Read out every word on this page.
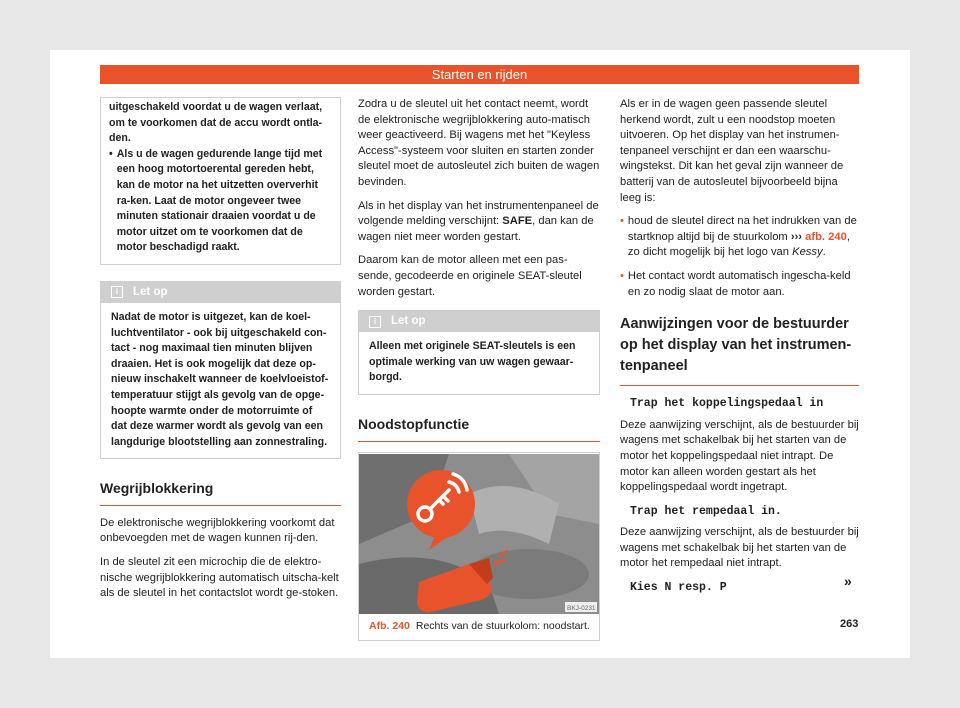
Starten en rijden

uitgeschakeld voordat u de wagen verlaat, om te voorkomen dat de accu wordt ontla-den.

• Als u de wagen gedurende lange tijd met een hoog motortoerental gereden hebt, kan de motor na het uitzetten oververhit ra-ken. Laat de motor ongeveer twee minuten stationair draaien voordat u de motor uitzet om te voorkomen dat de motor beschadigd raakt.
i	Let op
Nadat de motor is uitgezet, kan de koel-luchtventilator - ook bij uitgeschakeld con-tact - nog maximaal tien minuten blijven draaien. Het is ook mogelijk dat deze op-nieuw inschakelt wanneer de koelvloeistof-temperatuur stijgt als gevolg van de opge-hoopte warmte onder de motorruimte of dat deze warmer wordt als gevolg van een langdurige blootstelling aan zonnestraling.
Wegrijblokkering

De elektronische wegrijblokkering voorkomt dat onbevoegden met de wagen kunnen rij-den.

In de sleutel zit een microchip die de elektro-nische wegrijblokkering automatisch uitscha-kelt als de sleutel in het contactslot wordt ge-stoken.

Zodra u de sleutel uit het contact neemt, wordt de elektronische wegrijblokkering auto-matisch weer geactiveerd. Bij wagens met het "Keyless Access"-systeem voor sluiten en starten zonder sleutel moet de autosleutel zich buiten de wagen bevinden.

Als in het display van het instrumentenpaneel de volgende melding verschijnt: SAFE, dan kan de wagen niet meer worden gestart.

Daarom kan de motor alleen met een pas-sende, gecodeerde en originele SEAT-sleutel worden gestart.

i	Let op
Alleen met originele SEAT-sleutels is een optimale werking van uw wagen gewaar-borgd.
Noodstopfunctie
BKJ-0231
Afb. 240 Rechts van de stuurkolom: noodstart.

Als er in de wagen geen passende sleutel herkend wordt, zult u een noodstop moeten uitvoeren. Op het display van het instrumen-tenpaneel verschijnt er dan een waarschu-wingstekst. Dit kan het geval zijn wanneer de batterij van de autosleutel bijvoorbeeld bijna leeg is:

• houd de sleutel direct na het indrukken van de startknop altijd bij de stuurkolom ››› afb. 240, zo dicht mogelijk bij het logo van Kessy.
• Het contact wordt automatisch ingescha-keld en zo nodig slaat de motor aan.
Aanwijzingen voor de bestuurder op het display van het instrumen-tenpaneel

Trap het koppelingspedaal in

Deze aanwijzing verschijnt, als de bestuurder bij wagens met schakelbak bij het starten van de motor het koppelingspedaal niet intrapt. De motor kan alleen worden gestart als het koppelingspedaal wordt ingetrapt.

Trap het rempedaal in.

Deze aanwijzing verschijnt, als de bestuurder bij wagens met schakelbak bij het starten van de motor het rempedaal niet intrapt.

Kies N resp. P	»
263
